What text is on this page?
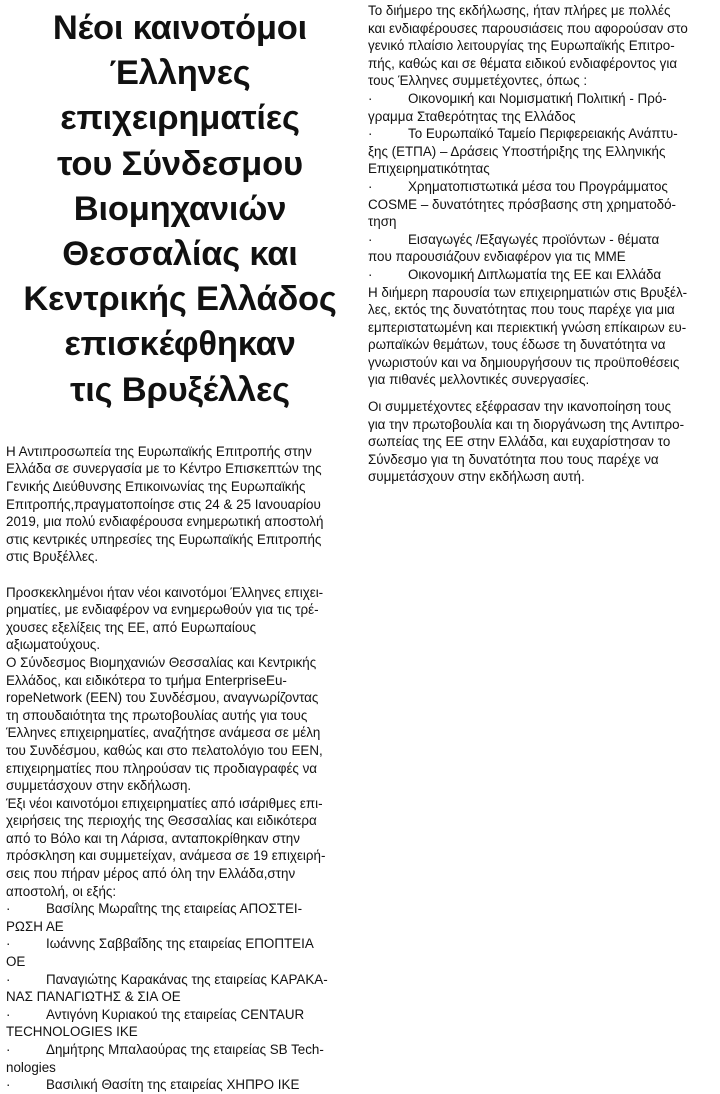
Νέοι καινοτόμοι
Έλληνες
επιχειρηματίες
του Σύνδεσμου
Βιομηχανιών
Θεσσαλίας και
Κεντρικής Ελλάδος
επισκέφθηκαν
τις Βρυξέλλες
Η Αντιπροσωπεία της Ευρωπαϊκής Επιτροπής στην
Ελλάδα σε συνεργασία με το Κέντρο Επισκεπτών της
Γενικής Διεύθυνσης Επικοινωνίας της Ευρωπαϊκής
Επιτροπής,πραγματοποίησε στις 24 & 25 Ιανουαρίου
2019, μια πολύ ενδιαφέρουσα ενημερωτική αποστολή
στις κεντρικές υπηρεσίες της Ευρωπαϊκής Επιτροπής
στις Βρυξέλλες.
Προσκεκλημένοι ήταν νέοι καινοτόμοι Έλληνες επιχει-
ρηματίες, με ενδιαφέρον να ενημερωθούν για τις τρέ-
χουσες εξελίξεις της ΕΕ, από Ευρωπαίους
αξιωματούχους.
Ο Σύνδεσμος Βιομηχανιών Θεσσαλίας και Κεντρικής
Ελλάδος, και ειδικότερα το τμήμα EnterpriseEu-
ropeNetwork (EEN) του Συνδέσμου, αναγνωρίζοντας
τη σπουδαιότητα της πρωτοβουλίας αυτής για τους
Έλληνες επιχειρηματίες, αναζήτησε ανάμεσα σε μέλη
του Συνδέσμου, καθώς και στο πελατολόγιο του ΕΕΝ,
επιχειρηματίες που πληρούσαν τις προδιαγραφές να
συμμετάσχουν στην εκδήλωση.
Έξι νέοι καινοτόμοι επιχειρηματίες από ισάριθμες επι-
χειρήσεις της περιοχής της Θεσσαλίας και ειδικότερα
από το Βόλο και τη Λάρισα, ανταποκρίθηκαν στην
πρόσκληση και συμμετείχαν, ανάμεσα σε 19 επιχειρή-
σεις που πήραν μέρος από όλη την Ελλάδα,στην
αποστολή, οι εξής:
·	Βασίλης Μωραΐτης της εταιρείας ΑΠΟΣΤΕΙ-
ΡΩΣΗ ΑΕ
·	Ιωάννης Σαββαΐδης της εταιρείας ΕΠΟΠΤΕΙΑ
ΟΕ
·	Παναγιώτης Καρακάνας της εταιρείας ΚΑΡΑΚΑ-
ΝΑΣ ΠΑΝΑΓΙΩΤΗΣ & ΣΙΑ ΟΕ
·	Αντιγόνη Κυριακού της εταιρείας CENTAUR
TECHNOLOGIES IKE
·	Δημήτρης Μπαλαούρας της εταιρείας SB Tech-
nologies
·	Βασιλική Θασίτη της εταιρείας ΧΗΠΡΟ ΙΚΕ
Το διήμερο της εκδήλωσης, ήταν πλήρες με πολλές
και ενδιαφέρουσες παρουσιάσεις που αφορούσαν στο
γενικό πλαίσιο λειτουργίας της Ευρωπαϊκής Επιτρο-
πής, καθώς και σε θέματα ειδικού ενδιαφέροντος για
τους Έλληνες συμμετέχοντες, όπως :
·	Οικονομική και Νομισματική Πολιτική - Πρό-
γραμμα Σταθερότητας της Ελλάδος
·	Το Ευρωπαϊκό Ταμείο Περιφερειακής Ανάπτυ-
ξης (ΕΤΠΑ) – Δράσεις Υποστήριξης της Ελληνικής
Επιχειρηματικότητας
·	Χρηματοπιστωτικά μέσα του Προγράμματος
COSME – δυνατότητες πρόσβασης στη χρηματοδό-
τηση
·	Εισαγωγές /Εξαγωγές προϊόντων - θέματα
που παρουσιάζουν ενδιαφέρον για τις ΜΜΕ
·	Οικονομική Διπλωματία της ΕΕ και Ελλάδα
Η διήμερη παρουσία των επιχειρηματιών στις Βρυξέλ-
λες, εκτός της δυνατότητας που τους παρέχε για μια
εμπεριστατωμένη και περιεκτική γνώση επίκαιρων ευ-
ρωπαϊκών θεμάτων, τους έδωσε τη δυνατότητα να
γνωριστούν και να δημιουργήσουν τις προϋποθέσεις
για πιθανές μελλοντικές συνεργασίες.
Οι συμμετέχοντες εξέφρασαν την ικανοποίηση τους
για την πρωτοβουλία και τη διοργάνωση της Αντιπρο-
σωπείας της ΕΕ στην Ελλάδα, και ευχαρίστησαν το
Σύνδεσμο για τη δυνατότητα που τους παρέχε να
συμμετάσχουν στην εκδήλωση αυτή.
